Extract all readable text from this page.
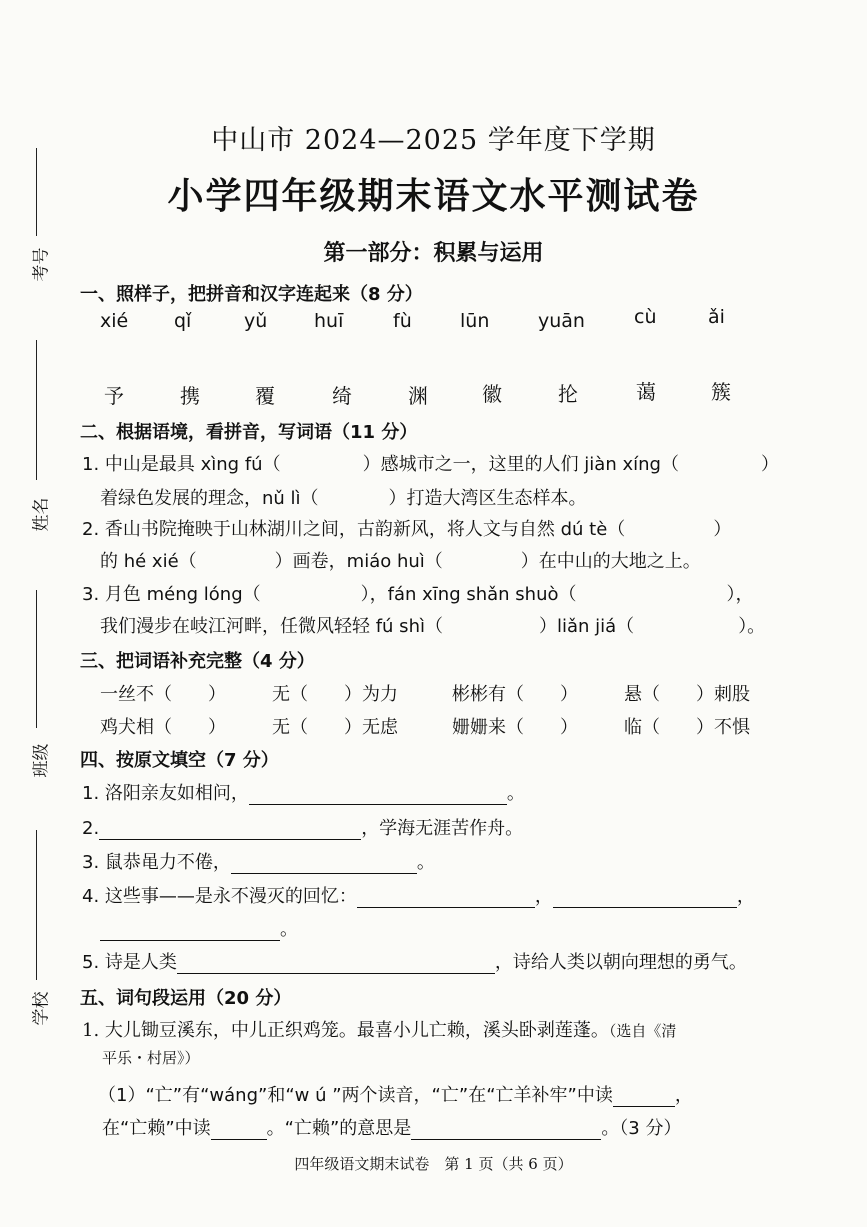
考号
姓名
班级
学校
中山市 2024—2025 学年度下学期
小学四年级期末语文水平测试卷
第一部分：积累与运用
一、照样子，把拼音和汉字连起来（8 分）
xié qǐ	yǔ huī	fù	lūn	yuān	cù	ǎi
予	携	覆	绮	渊	徽	抡	蔼	簇
二、根据语境，看拼音，写词语（11 分）
1. 中山是最具 xìng fú（	）感城市之一，这里的人们 jiàn xíng（	）
着绿色发展的理念，nǔ lì（	）打造大湾区生态样本。
2. 香山书院掩映于山林湖川之间，古韵新风，将人文与自然 dú tè（	）
的 hé xié（	）画卷，miáo huì（	）在中山的大地之上。
3. 月色 méng lóng（	），fán xīng shǎn shuò（	），
我们漫步在岐江河畔，任微风轻轻 fú shì（	）liǎn jiá（	）。
三、把词语补充完整（4 分）
一丝不（　　）	无（　　）为力	彬彬有（　　）	悬（　　）刺股
鸡犬相（　　）	无（　　）无虑	姗姗来（　　）	临（　　）不惧
四、按原文填空（7 分）
1. 洛阳亲友如相问，	。
2.	，学海无涯苦作舟。
3. 鼠恭黾力不倦，	。
4. 这些事——是永不漫灭的回忆：	，	，
。
5. 诗是人类	，诗给人类以朝向理想的勇气。
五、词句段运用（20 分）
1. 大儿锄豆溪东，中儿正织鸡笼。最喜小儿亡赖，溪头卧剥莲蓬。（选自《清
平乐・村居》）
（1）“亡”有“wáng”和“w ú ”两个读音，“亡”在“亡羊补牢”中读	，
在“亡赖”中读	。“亡赖”的意思是	。（3 分）
四年级语文期末试卷　第 1 页（共 6 页）
